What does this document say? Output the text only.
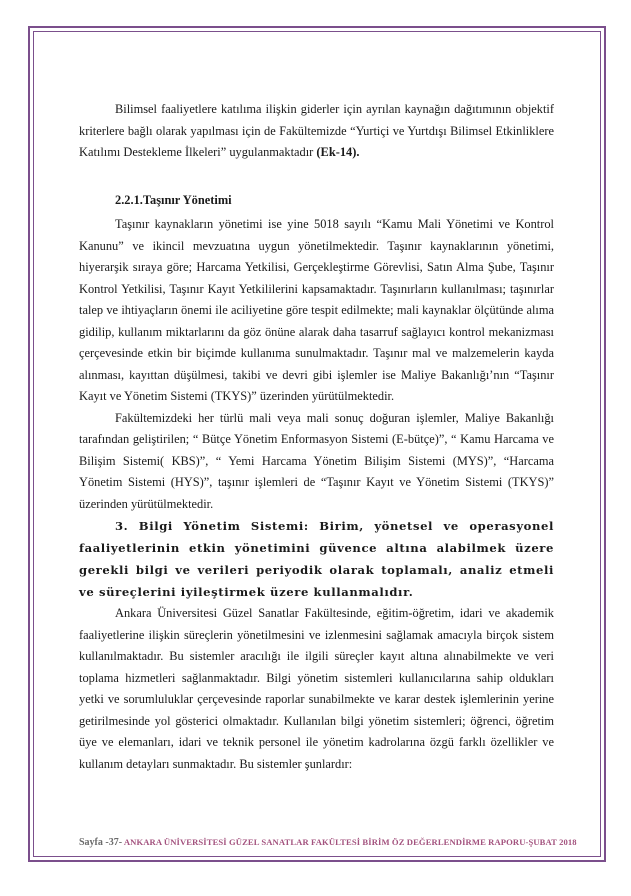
Bilimsel faaliyetlere katılıma ilişkin giderler için ayrılan kaynağın dağıtımının objektif kriterlere bağlı olarak yapılması için de Fakültemizde “Yurtiçi ve Yurtdışı Bilimsel Etkinliklere Katılımı Destekleme İlkeleri” uygulanmaktadır (Ek-14).

2.2.1.Taşınır Yönetimi

Taşınır kaynakların yönetimi ise yine 5018 sayılı “Kamu Mali Yönetimi ve Kontrol Kanunu” ve ikincil mevzuatına uygun yönetilmektedir. Taşınır kaynaklarının yönetimi, hiyerarşik sıraya göre; Harcama Yetkilisi, Gerçekleştirme Görevlisi, Satın Alma Şube, Taşınır Kontrol Yetkilisi, Taşınır Kayıt Yetkililerini kapsamaktadır. Taşınırların kullanılması; taşınırlar talep ve ihtiyaçların önemi ile aciliyetine göre tespit edilmekte; mali kaynaklar ölçütünde alıma gidilip, kullanım miktarlarını da göz önüne alarak daha tasarruf sağlayıcı kontrol mekanizması çerçevesinde etkin bir biçimde kullanıma sunulmaktadır. Taşınır mal ve malzemelerin kayda alınması, kayıttan düşülmesi, takibi ve devri gibi işlemler ise Maliye Bakanlığı’nın “Taşınır Kayıt ve Yönetim Sistemi (TKYS)” üzerinden yürütülmektedir.

Fakültemizdeki her türlü mali veya mali sonuç doğuran işlemler, Maliye Bakanlığı tarafından geliştirilen; “ Bütçe Yönetim Enformasyon Sistemi (E-bütçe)”, “ Kamu Harcama ve Bilişim Sistemi( KBS)”, “ Yemi Harcama Yönetim Bilişim Sistemi (MYS)”, “Harcama Yönetim Sistemi (HYS)”, taşınır işlemleri de “Taşınır Kayıt ve Yönetim Sistemi (TKYS)” üzerinden yürütülmektedir.

3. Bilgi Yönetim Sistemi: Birim, yönetsel ve operasyonel faaliyetlerinin etkin yönetimini güvence altına alabilmek üzere gerekli bilgi ve verileri periyodik olarak toplamalı, analiz etmeli ve süreçlerini iyileştirmek üzere kullanmalıdır.

Ankara Üniversitesi Güzel Sanatlar Fakültesinde, eğitim-öğretim, idari ve akademik faaliyetlerine ilişkin süreçlerin yönetilmesini ve izlenmesini sağlamak amacıyla birçok sistem kullanılmaktadır. Bu sistemler aracılığı ile ilgili süreçler kayıt altına alınabilmekte ve veri toplama hizmetleri sağlanmaktadır. Bilgi yönetim sistemleri kullanıcılarına sahip oldukları yetki ve sorumluluklar çerçevesinde raporlar sunabilmekte ve karar destek işlemlerinin yerine getirilmesinde yol gösterici olmaktadır. Kullanılan bilgi yönetim sistemleri; öğrenci, öğretim üye ve elemanları, idari ve teknik personel ile yönetim kadrolarına özgü farklı özellikler ve kullanım detayları sunmaktadır. Bu sistemler şunlardır:

Sayfa -37- ANKARA ÜNİVERSİTESİ GÜZEL SANATLAR FAKÜLTESİ BİRİM ÖZ DEĞERLENDİRME RAPORU-ŞUBAT 2018
